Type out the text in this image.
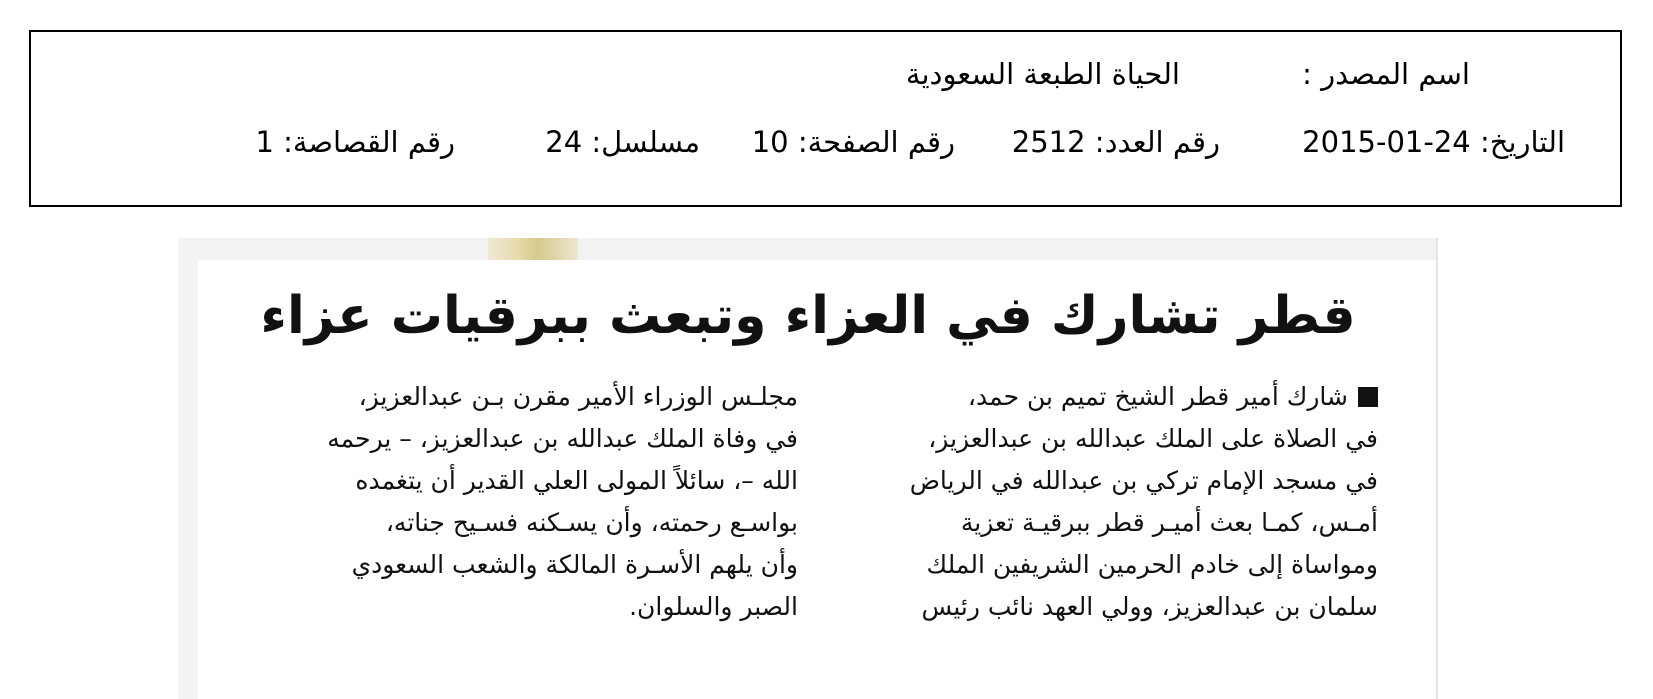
اسم المصدر :
الحياة الطبعة السعودية
التاريخ: 24-01-2015
رقم العدد: 2512
رقم الصفحة: 10
مسلسل: 24
رقم القصاصة: 1
قطر تشارك في العزاء وتبعث ببرقيات عزاء
شارك أمير قطر الشيخ تميم بن حمد،
في الصلاة على الملك عبدالله بن عبدالعزيز،
في مسجد الإمام تركي بن عبدالله في الرياض
أمـس، كمـا بعث أميـر قطر ببرقيـة تعزية
ومواساة إلى خادم الحرمين الشريفين الملك
سلمان بن عبدالعزيز، وولي العهد نائب رئيس
مجلـس الوزراء الأمير مقرن بـن عبدالعزيز،
في وفاة الملك عبدالله بن عبدالعزيز، – يرحمه
الله –، سائلاً المولى العلي القدير أن يتغمده
بواسـع رحمته، وأن يسـكنه فسـيح جناته،
وأن يلهم الأسـرة المالكة والشعب السعودي
الصبر والسلوان.
